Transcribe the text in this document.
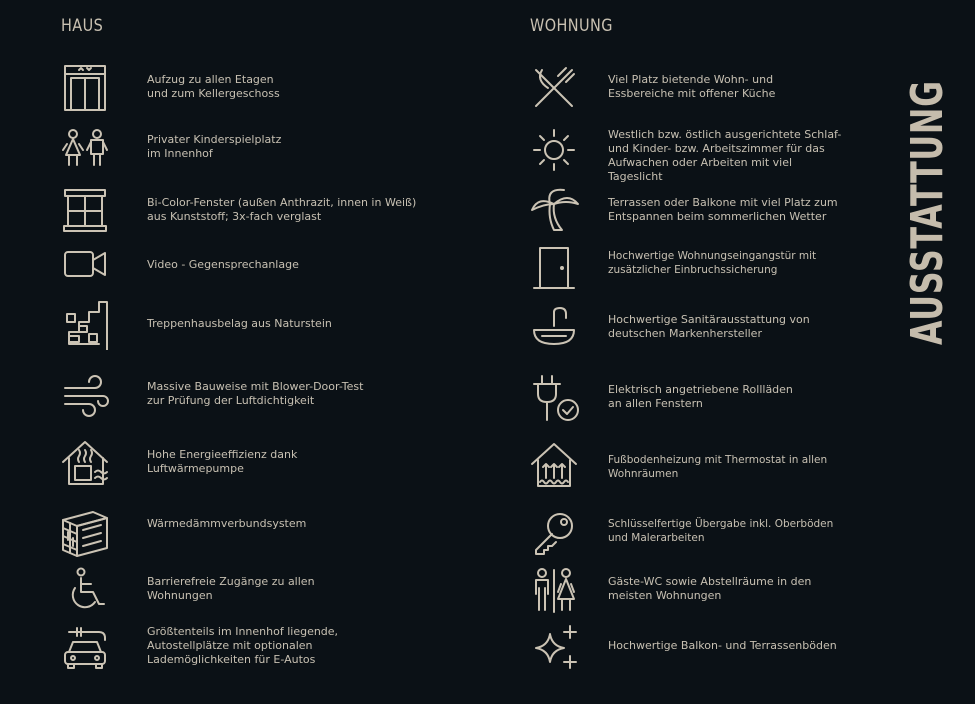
HAUS	WOHNUNG
Aufzug zu allen Etagen
und zum Kellergeschoss
Privater Kinderspielplatz
im Innenhof
Bi-Color-Fenster (außen Anthrazit, innen in Weiß)
aus Kunststoff; 3x-fach verglast
Video - Gegensprechanlage
Treppenhausbelag aus Naturstein
Massive Bauweise mit Blower-Door-Test
zur Prüfung der Luftdichtigkeit
Hohe Energieeffizienz dank
Luftwärmepumpe
Wärmedämmverbundsystem
Barrierefreie Zugänge zu allen
Wohnungen
Größtenteils im Innenhof liegende,
Autostellplätze mit optionalen
Lademöglichkeiten für E-Autos
Viel Platz bietende Wohn- und
Essbereiche mit offener Küche
Westlich bzw. östlich ausgerichtete Schlaf-
und Kinder- bzw. Arbeitszimmer für das
Aufwachen oder Arbeiten mit viel Tageslicht
Terrassen oder Balkone mit viel Platz zum
Entspannen beim sommerlichen Wetter
Hochwertige Wohnungseingangstür mit
zusätzlicher Einbruchssicherung
Hochwertige Sanitärausstattung von
deutschen Markenhersteller
Elektrisch angetriebene Rollläden
an allen Fenstern
Fußbodenheizung mit Thermostat in allen
Wohnräumen
Schlüsselfertige Übergabe inkl. Oberböden
und Malerarbeiten
Gäste-WC sowie Abstellräume in den
meisten Wohnungen
Hochwertige Balkon- und Terrassenböden
AUSSTATTUNG
